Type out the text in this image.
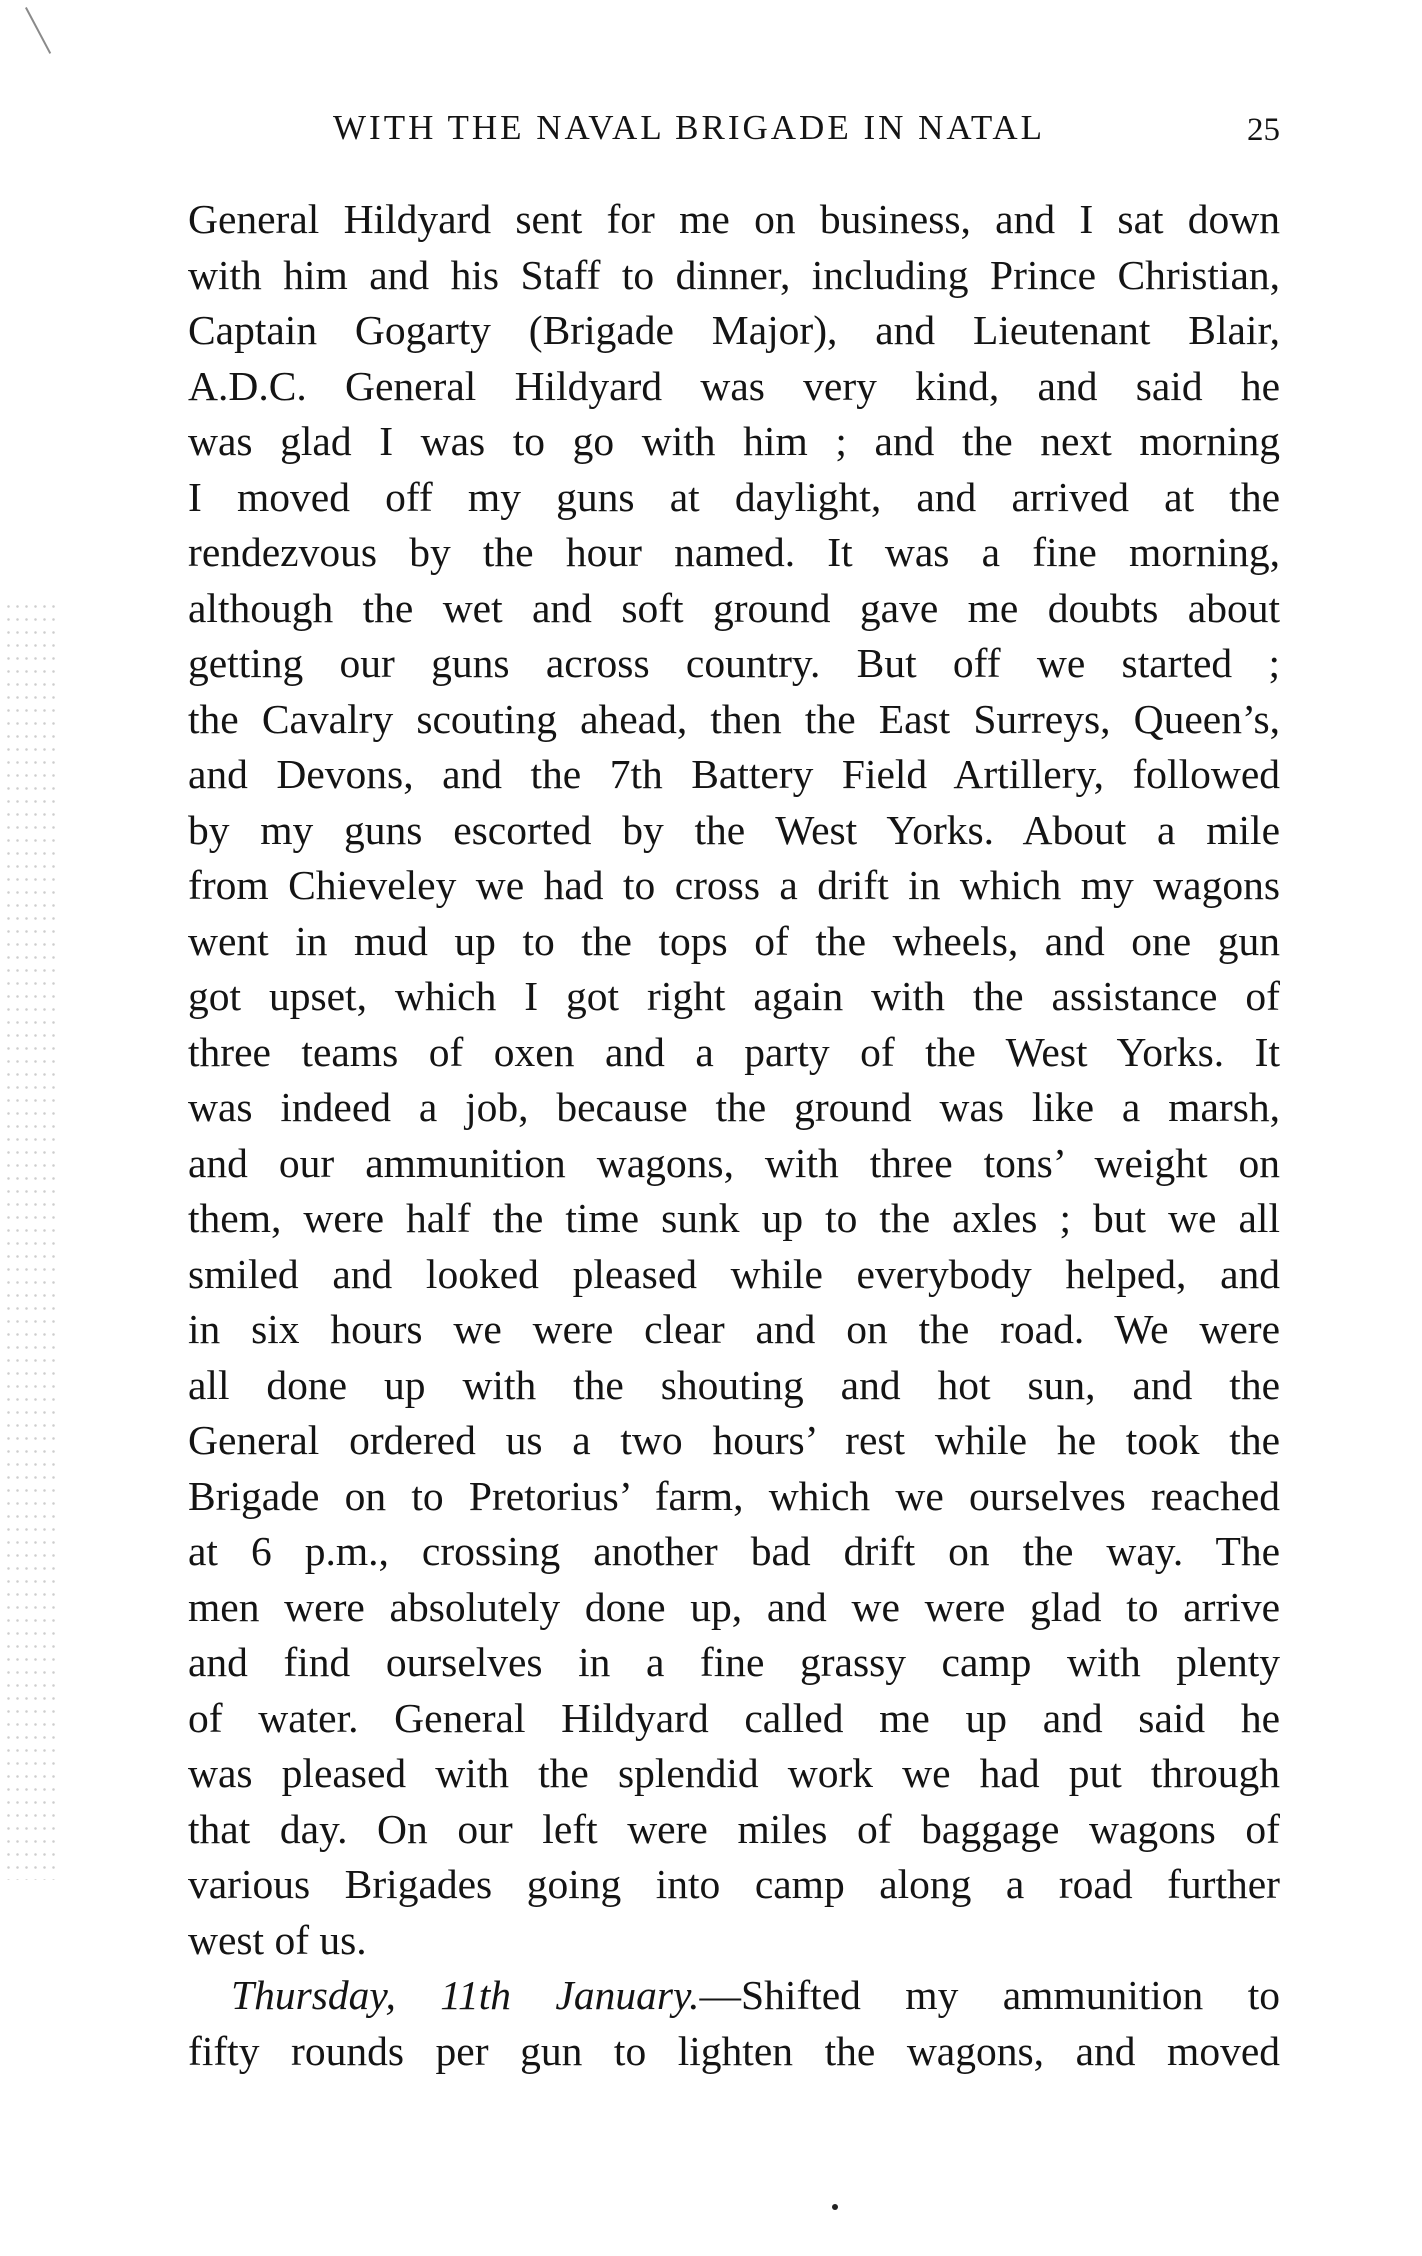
WITH THE NAVAL BRIGADE IN NATAL	25
General Hildyard sent for me on business, and I sat down
with him and his Staff to dinner, including Prince Christian,
Captain Gogarty (Brigade Major), and Lieutenant Blair,
A.D.C. General Hildyard was very kind, and said he
was glad I was to go with him ; and the next morning
I moved off my guns at daylight, and arrived at the
rendezvous by the hour named. It was a fine morning,
although the wet and soft ground gave me doubts about
getting our guns across country. But off we started ;
the Cavalry scouting ahead, then the East Surreys, Queen’s,
and Devons, and the 7th Battery Field Artillery, followed
by my guns escorted by the West Yorks. About a mile
from Chieveley we had to cross a drift in which my wagons
went in mud up to the tops of the wheels, and one gun
got upset, which I got right again with the assistance of
three teams of oxen and a party of the West Yorks. It
was indeed a job, because the ground was like a marsh,
and our ammunition wagons, with three tons’ weight on
them, were half the time sunk up to the axles ; but we all
smiled and looked pleased while everybody helped, and
in six hours we were clear and on the road. We were
all done up with the shouting and hot sun, and the
General ordered us a two hours’ rest while he took the
Brigade on to Pretorius’ farm, which we ourselves reached
at 6 p.m., crossing another bad drift on the way. The
men were absolutely done up, and we were glad to arrive
and find ourselves in a fine grassy camp with plenty
of water. General Hildyard called me up and said he
was pleased with the splendid work we had put through
that day. On our left were miles of baggage wagons of
various Brigades going into camp along a road further
west of us.
Thursday, 11th January.—Shifted my ammunition to
fifty rounds per gun to lighten the wagons, and moved
